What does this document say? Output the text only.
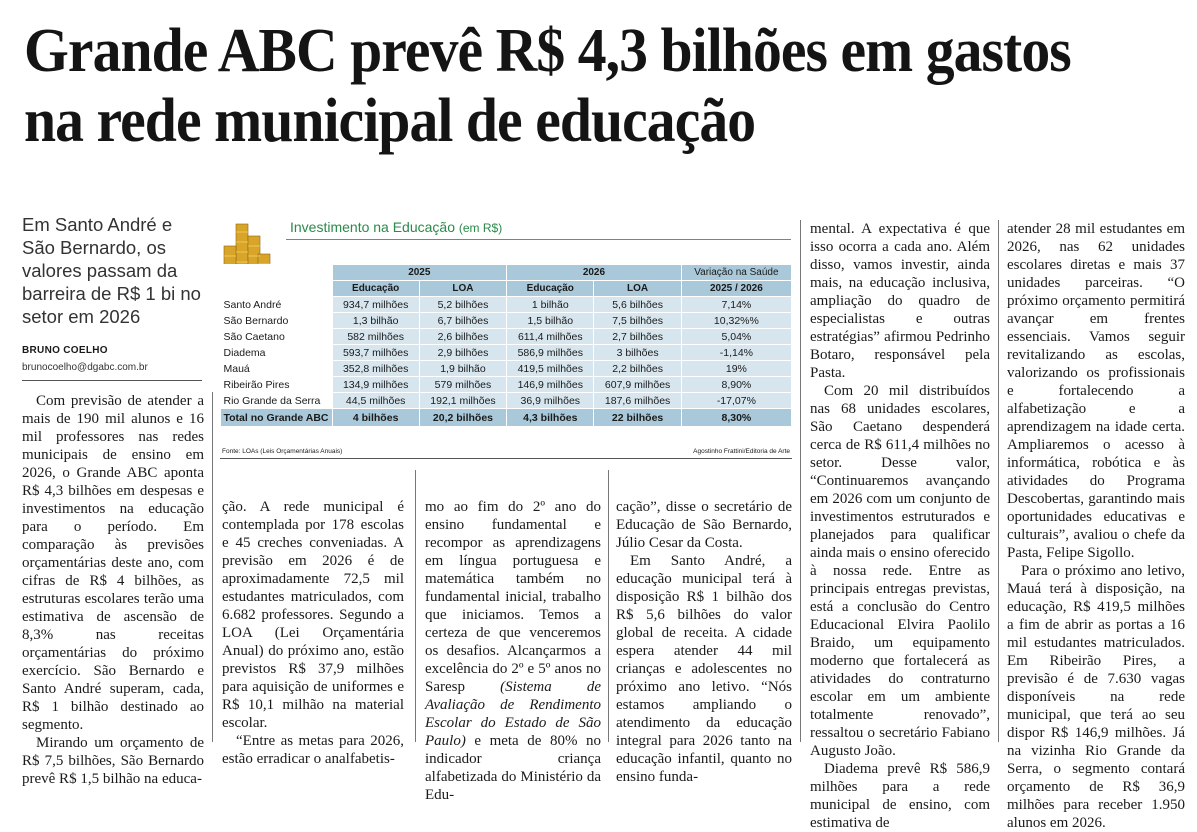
Grande ABC prevê R$ 4,3 bilhões em gastos na rede municipal de educação
Em Santo André e São Bernardo, os valores passam da barreira de R$ 1 bi no setor em 2026
BRUNO COELHO
brunocoelho@dgabc.com.br

Com previsão de atender a mais de 190 mil alunos e 16 mil professores nas redes municipais de ensino em 2026, o Grande ABC aponta R$ 4,3 bilhões em despesas e investimentos na educação para o período. Em comparação às previsões orçamentárias deste ano, com cifras de R$ 4 bilhões, as estruturas escolares terão uma estimativa de ascensão de 8,3% nas receitas orçamentárias do próximo exercício. São Bernardo e Santo André superam, cada, R$ 1 bilhão destinado ao segmento.

Mirando um orçamento de R$ 7,5 bilhões, São Bernardo prevê R$ 1,5 bilhão na educa-

Investimento na Educação (em R$)
	2025		2026		Variação na Saúde
	Educação	LOA	Educação	LOA	2025 / 2026
Santo André	934,7 milhões	5,2 bilhões	1 bilhão	5,6 bilhões	7,14%
São Bernardo	1,3 bilhão	6,7 bilhões	1,5 bilhão	7,5 bilhões	10,32%%
São Caetano	582 milhões	2,6 bilhões	611,4 milhões	2,7 bilhões	5,04%
Diadema	593,7 milhões	2,9 bilhões	586,9 milhões	3 bilhões	-1,14%
Mauá	352,8 milhões	1,9 bilhão	419,5 milhões	2,2 bilhões	19%
Ribeirão Pires	134,9 milhões	579 milhões	146,9 milhões	607,9 milhões	8,90%
Rio Grande da Serra	44,5 milhões	192,1 milhões	36,9 milhões	187,6 milhões	-17,07%
Total no Grande ABC	4 bilhões	20,2 bilhões	4,3 bilhões	22 bilhões	8,30%
Fonte: LOAs (Leis Orçamentárias Anuais)	Agostinho Frattini/Editoria de Arte

ção. A rede municipal é contemplada por 178 escolas e 45 creches conveniadas. A previsão em 2026 é de aproximadamente 72,5 mil estudantes matriculados, com 6.682 professores. Segundo a LOA (Lei Orçamentária Anual) do próximo ano, estão previstos R$ 37,9 milhões para aquisição de uniformes e R$ 10,1 milhão na material escolar.

“Entre as metas para 2026, estão erradicar o analfabetis-

mo ao fim do 2º ano do ensino fundamental e recompor as aprendizagens em língua portuguesa e matemática também no fundamental inicial, trabalho que iniciamos. Temos a certeza de que venceremos os desafios. Alcançarmos a excelência do 2º e 5º anos no Saresp (Sistema de Avaliação de Rendimento Escolar do Estado de São Paulo) e meta de 80% no indicador criança alfabetizada do Ministério da Edu-

cação”, disse o secretário de Educação de São Bernardo, Júlio Cesar da Costa.

Em Santo André, a educação municipal terá à disposição R$ 1 bilhão dos R$ 5,6 bilhões do valor global de receita. A cidade espera atender 44 mil crianças e adolescentes no próximo ano letivo. “Nós estamos ampliando o atendimento da educação integral para 2026 tanto na educação infantil, quanto no ensino funda-

mental. A expectativa é que isso ocorra a cada ano. Além disso, vamos investir, ainda mais, na educação inclusiva, ampliação do quadro de especialistas e outras estratégias” afirmou Pedrinho Botaro, responsável pela Pasta.

Com 20 mil distribuídos nas 68 unidades escolares, São Caetano despenderá cerca de R$ 611,4 milhões no setor. Desse valor, “Continuaremos avançando em 2026 com um conjunto de investimentos estruturados e planejados para qualificar ainda mais o ensino oferecido à nossa rede. Entre as principais entregas previstas, está a conclusão do Centro Educacional Elvira Paolilo Braido, um equipamento moderno que fortalecerá as atividades do contraturno escolar em um ambiente totalmente renovado”, ressaltou o secretário Fabiano Augusto João.

Diadema prevê R$ 586,9 milhões para a rede municipal de ensino, com estimativa de

atender 28 mil estudantes em 2026, nas 62 unidades escolares diretas e mais 37 unidades parceiras. “O próximo orçamento permitirá avançar em frentes essenciais. Vamos seguir revitalizando as escolas, valorizando os profissionais e fortalecendo a alfabetização e a aprendizagem na idade certa. Ampliaremos o acesso à informática, robótica e às atividades do Programa Descobertas, garantindo mais oportunidades educativas e culturais”, avaliou o chefe da Pasta, Felipe Sigollo.

Para o próximo ano letivo, Mauá terá à disposição, na educação, R$ 419,5 milhões a fim de abrir as portas a 16 mil estudantes matriculados. Em Ribeirão Pires, a previsão é de 7.630 vagas disponíveis na rede municipal, que terá ao seu dispor R$ 146,9 milhões. Já na vizinha Rio Grande da Serra, o segmento contará orçamento de R$ 36,9 milhões para receber 1.950 alunos em 2026.
